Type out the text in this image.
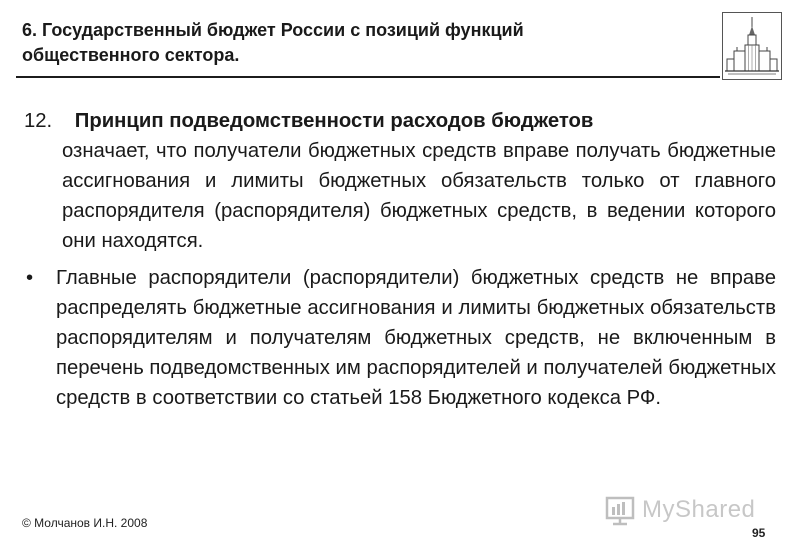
6. Государственный бюджет России с позиций функций
общественного сектора.
12. Принцип подведомственности расходов бюджетов
означает, что получатели бюджетных средств вправе получать бюджетные ассигнования и лимиты бюджетных обязательств только от главного распорядителя (распорядителя) бюджетных средств, в ведении которого они находятся.
•	Главные распорядители (распорядители) бюджетных средств не вправе распределять бюджетные ассигнования и лимиты бюджетных обязательств распорядителям и получателям бюджетных средств, не включенным в перечень подведомственных им распорядителей и получателей бюджетных средств в соответствии со статьей 158 Бюджетного кодекса РФ.
MyShared
© Молчанов И.Н. 2008
95
